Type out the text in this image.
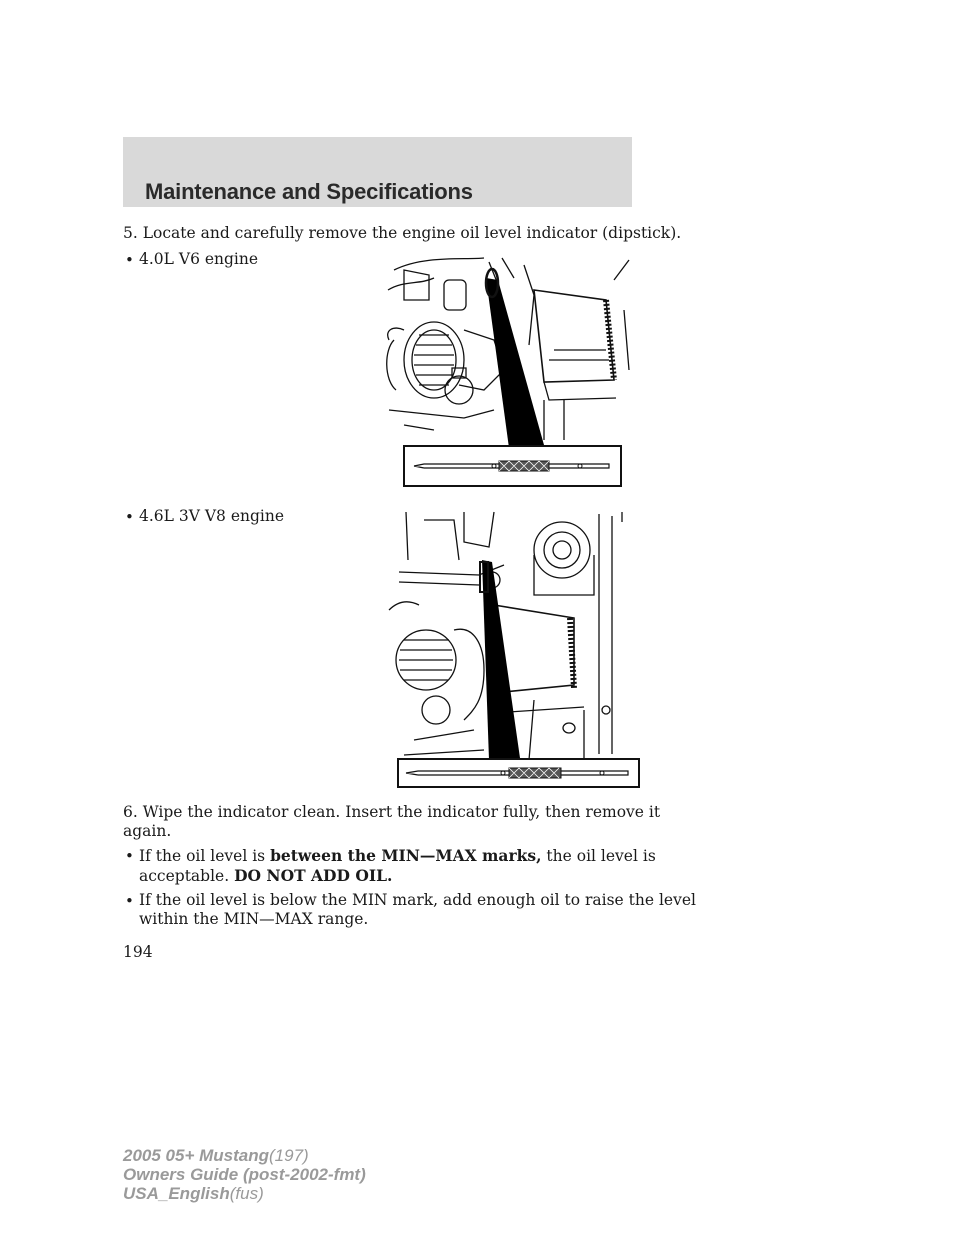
Maintenance and Specifications
5. Locate and carefully remove the engine oil level indicator (dipstick).
• 4.0L V6 engine
• 4.6L 3V V8 engine
6. Wipe the indicator clean. Insert the indicator fully, then remove it
again.
• If the oil level is between the MIN—MAX marks, the oil level is
acceptable. DO NOT ADD OIL.
• If the oil level is below the MIN mark, add enough oil to raise the level
within the MIN—MAX range.
194
2005 05+ Mustang(197)
Owners Guide (post-2002-fmt)
USA_English(fus)
